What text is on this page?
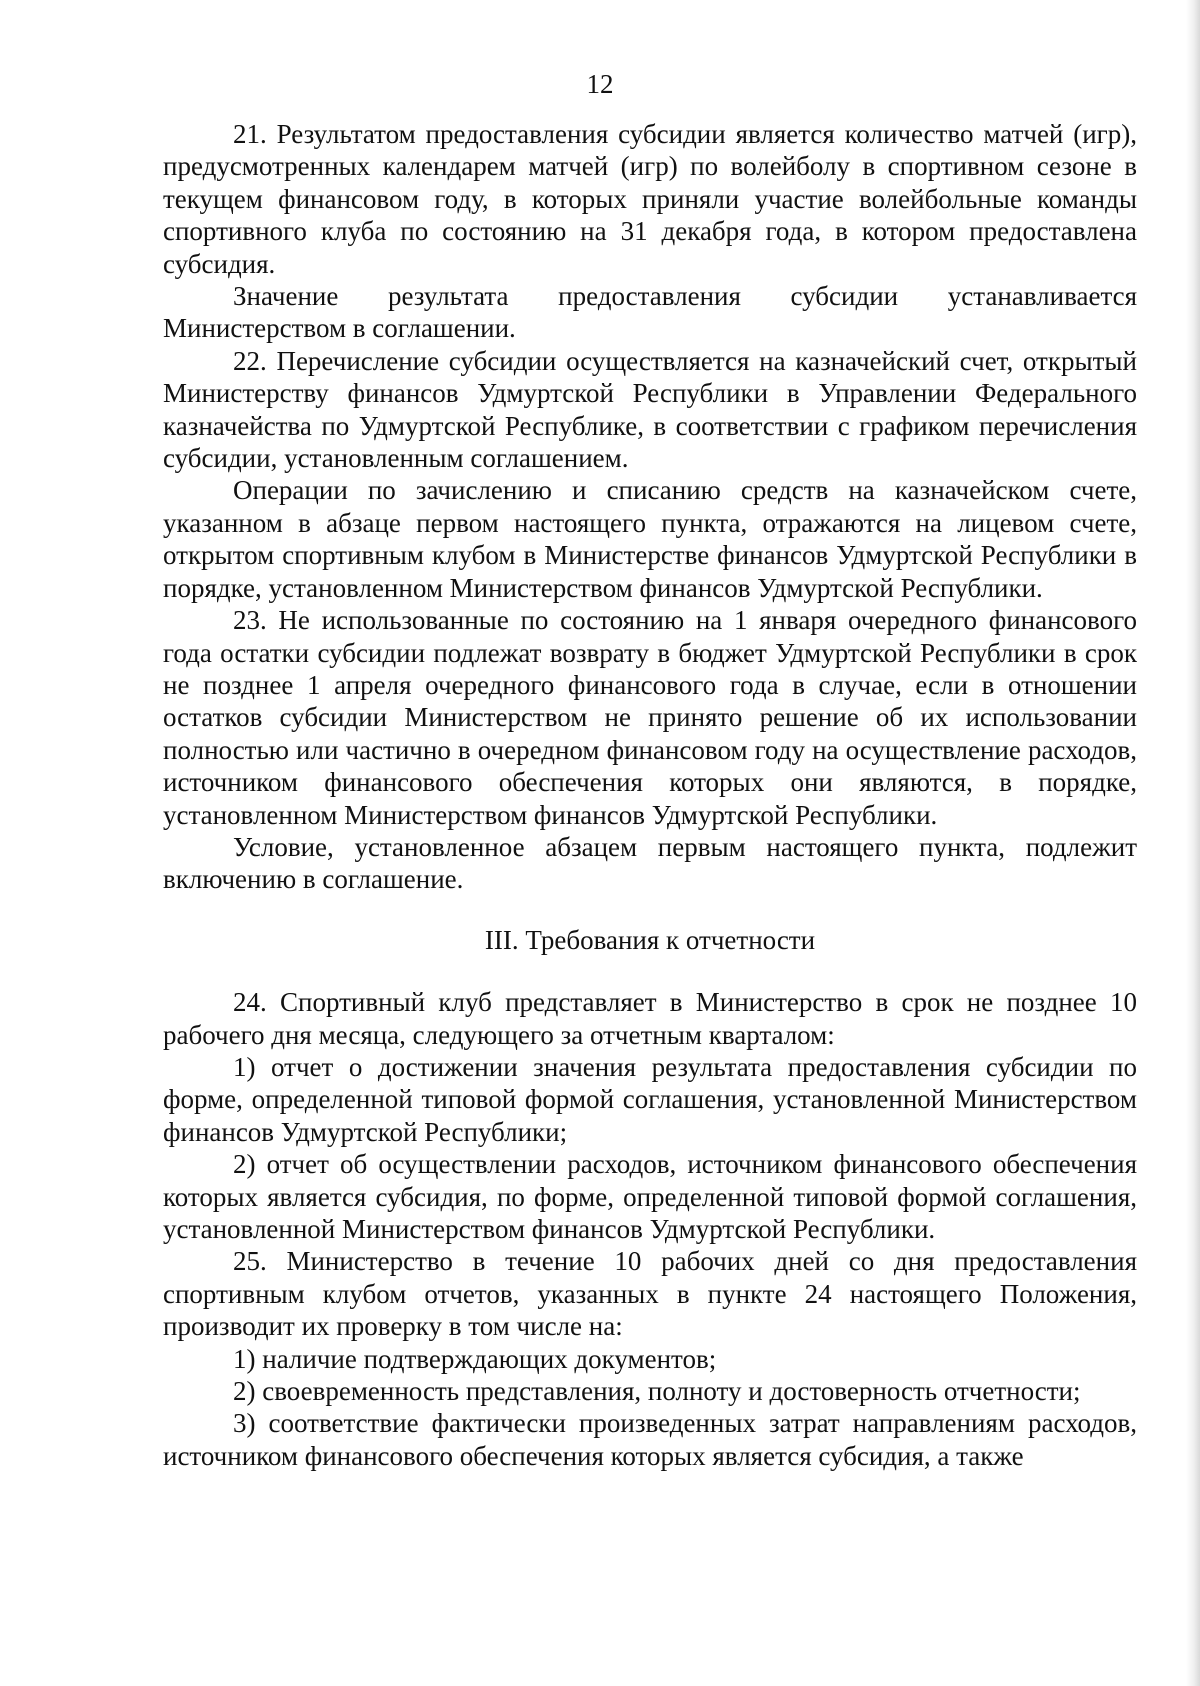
12

21. Результатом предоставления субсидии является количество матчей (игр), предусмотренных календарем матчей (игр) по волейболу в спортивном сезоне в текущем финансовом году, в которых приняли участие волейбольные команды спортивного клуба по состоянию на 31 декабря года, в котором предоставлена субсидия.

Значение результата предоставления субсидии устанавливается Министерством в соглашении.

22. Перечисление субсидии осуществляется на казначейский счет, открытый Министерству финансов Удмуртской Республики в Управлении Федерального казначейства по Удмуртской Республике, в соответствии с графиком перечисления субсидии, установленным соглашением.

Операции по зачислению и списанию средств на казначейском счете, указанном в абзаце первом настоящего пункта, отражаются на лицевом счете, открытом спортивным клубом в Министерстве финансов Удмуртской Республики в порядке, установленном Министерством финансов Удмуртской Республики.

23. Не использованные по состоянию на 1 января очередного финансового года остатки субсидии подлежат возврату в бюджет Удмуртской Республики в срок не позднее 1 апреля очередного финансового года в случае, если в отношении остатков субсидии Министерством не принято решение об их использовании полностью или частично в очередном финансовом году на осуществление расходов, источником финансового обеспечения которых они являются, в порядке, установленном Министерством финансов Удмуртской Республики.

Условие, установленное абзацем первым настоящего пункта, подлежит включению в соглашение.

III. Требования к отчетности

24. Спортивный клуб представляет в Министерство в срок не позднее 10 рабочего дня месяца, следующего за отчетным кварталом:

1) отчет о достижении значения результата предоставления субсидии по форме, определенной типовой формой соглашения, установленной Министерством финансов Удмуртской Республики;

2) отчет об осуществлении расходов, источником финансового обеспечения которых является субсидия, по форме, определенной типовой формой соглашения, установленной Министерством финансов Удмуртской Республики.

25. Министерство в течение 10 рабочих дней со дня предоставления спортивным клубом отчетов, указанных в пункте 24 настоящего Положения, производит их проверку в том числе на:

1) наличие подтверждающих документов;

2) своевременность представления, полноту и достоверность отчетности;

3) соответствие фактически произведенных затрат направлениям расходов, источником финансового обеспечения которых является субсидия, а также
